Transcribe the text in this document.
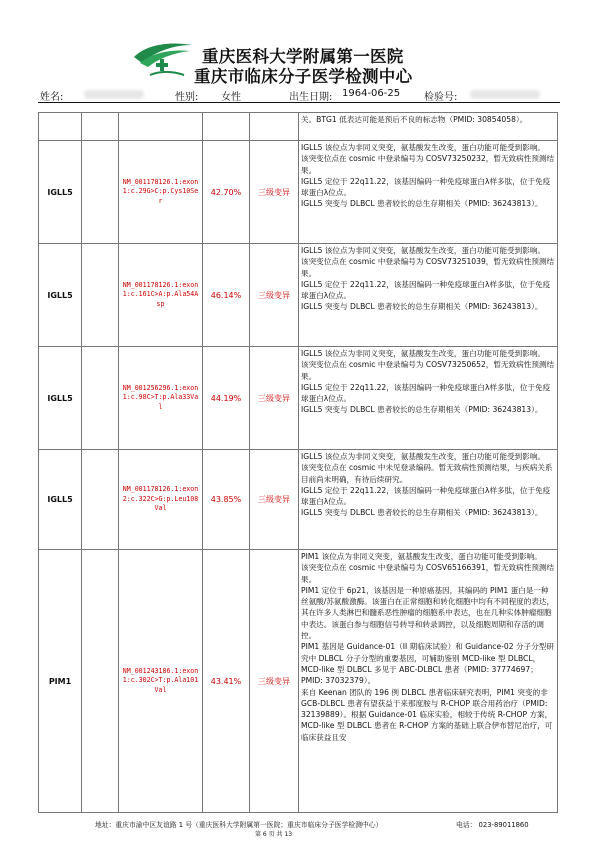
重庆医科大学附属第一医院
重庆市临床分子医学检测中心
姓名:	性别: 女性	出生日期: 1964-06-25 检验号:

					关。BTG1 低表达可能是预后不良的标志物（PMID: 30854058）。

IGLL5		NM_001178126.1:exon1:c.29G>C:p.Cys10Ser	42.70%	三级变异	IGLL5 该位点为非同义突变，氨基酸发生改变，蛋白功能可能受到影响。

该突变位点在 cosmic 中登录编号为 COSV73250232，暂无致病性预测结果。

IGLL5 定位于 22q11.22，该基因编码一种免疫球蛋白λ样多肽，位于免疫球蛋白λ位点。

IGLL5 突变与 DLBCL 患者较长的总生存期相关（PMID: 36243813）。

IGLL5		NM_001178126.1:exon1:c.161C>A:p.Ala54Asp	46.14%	三级变异	IGLL5 该位点为非同义突变，氨基酸发生改变，蛋白功能可能受到影响。

该突变位点在 cosmic 中登录编号为 COSV73251039，暂无致病性预测结果。

IGLL5 定位于 22q11.22，该基因编码一种免疫球蛋白λ样多肽，位于免疫球蛋白λ位点。

IGLL5 突变与 DLBCL 患者较长的总生存期相关（PMID: 36243813）。

IGLL5		NM_001256296.1:exon1:c.98C>T:p.Ala33Val	44.19%	三级变异	IGLL5 该位点为非同义突变，氨基酸发生改变，蛋白功能可能受到影响。

该突变位点在 cosmic 中登录编号为 COSV73250652，暂无致病性预测结果。

IGLL5 定位于 22q11.22，该基因编码一种免疫球蛋白λ样多肽，位于免疫球蛋白λ位点。

IGLL5 突变与 DLBCL 患者较长的总生存期相关（PMID: 36243813）。

IGLL5		NM_001178126.1:exon2:c.322C>G:p.Leu108Val	43.85%	三级变异	IGLL5 该位点为非同义突变，氨基酸发生改变，蛋白功能可能受到影响。

该突变位点在 cosmic 中未见登录编码。暂无致病性预测结果，与疾病关系目前尚未明确，有待后续研究。

IGLL5 定位于 22q11.22，该基因编码一种免疫球蛋白λ样多肽，位于免疫球蛋白λ位点。

IGLL5 突变与 DLBCL 患者较长的总生存期相关（PMID: 36243813）。

PIM1		NM_001243186.1:exon1:c.302C>T:p.Ala101Val	43.41%	三级变异	PIM1 该位点为非同义突变，氨基酸发生改变，蛋白功能可能受到影响。

该突变位点在 cosmic 中登录编号为 COSV65166391，暂无致病性预测结果。

PIM1 定位于 6p21，该基因是一种原癌基因，其编码的 PIM1 蛋白是一种丝氨酸/苏氨酸激酶。该蛋白在正常细胞和转化细胞中均有不同程度的表达，其在许多人类淋巴和髓系恶性肿瘤的细胞系中表达，也在几种实体肿瘤细胞中表达。该蛋白参与细胞信号转导和转录调控，以及细胞周期和存活的调控。

PIM1 基因是 Guidance-01（II 期临床试验）和 Guidance-02 分子分型研究中 DLBCL 分子分型的重要基因，可辅助鉴别 MCD-like 型 DLBCL，MCD-like 型 DLBCL 多见于 ABC-DLBCL 患者（PMID: 37774697；PMID: 37032379）。

来自 Keenan 团队的 196 例 DLBCL 患者临床研究表明，PIM1 突变的非 GCB-DLBCL 患者有望获益于来那度胺与 R-CHOP 联合用药治疗（PMID: 32139889）。根据 Guidance-01 临床实验，相较于传统 R-CHOP 方案，MCD-like 型 DLBCL 患者在 R-CHOP 方案的基础上联合伊布替尼治疗，可临床获益且安

地址：重庆市渝中区友谊路 1 号（重庆医科大学附属第一医院；重庆市临床分子医学检测中心）	电话： 023-89011860
第 6 页 共 13
